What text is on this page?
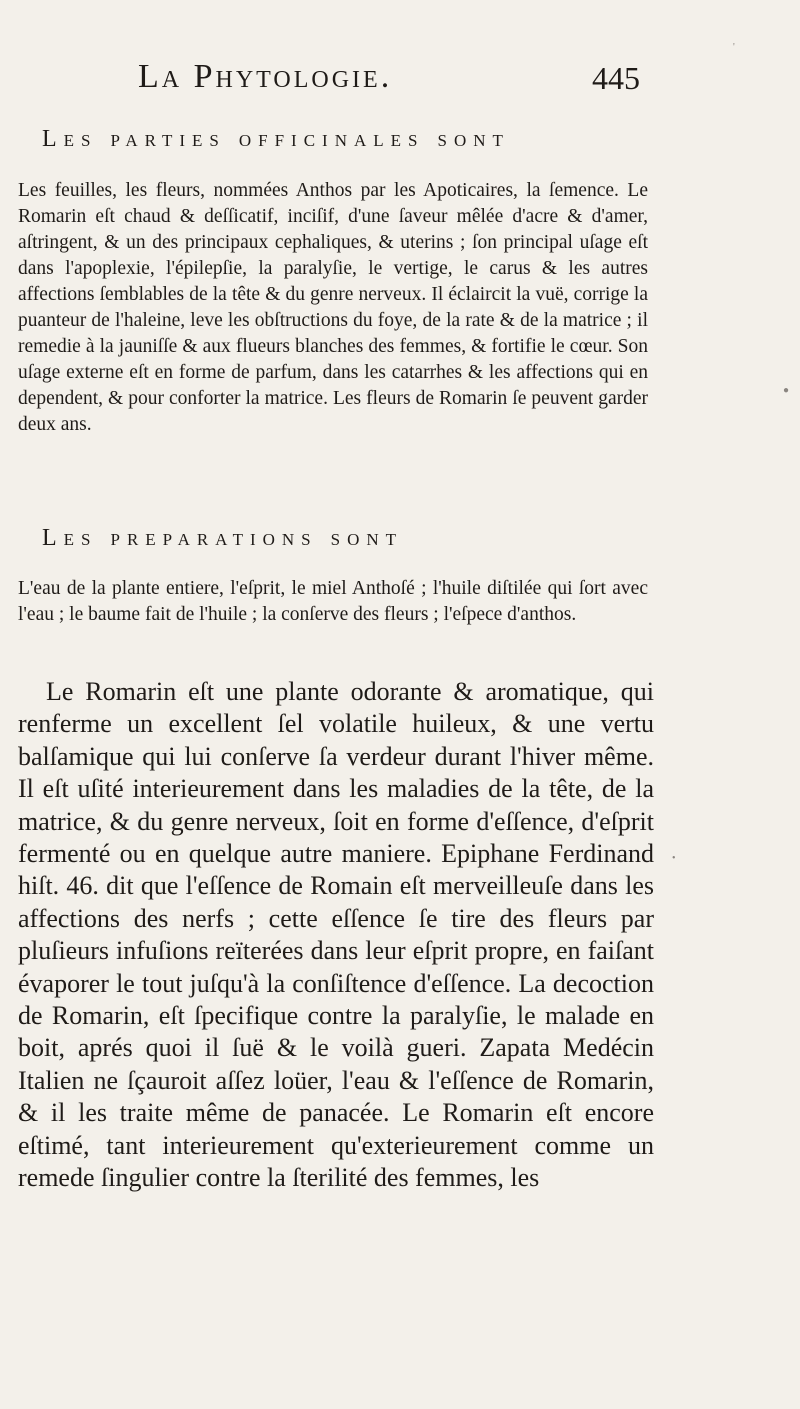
La Phytologie.	445
Les parties officinales sont

Les feuilles, les fleurs, nommées Anthos par les Apoticaires, la ſemence. Le Romarin eſt chaud & deſſicatif, inciſif, d'une ſaveur mêlée d'acre & d'amer, aſtringent, & un des principaux cephaliques, & uterins ; ſon principal uſage eſt dans l'apoplexie, l'épilepſie, la paralyſie, le vertige, le carus & les autres affections ſemblables de la tête & du genre nerveux. Il éclaircit la vuë, corrige la puanteur de l'haleine, leve les obſtructions du foye, de la rate & de la matrice ; il remedie à la jauniſſe & aux flueurs blanches des femmes, & fortifie le cœur. Son uſage externe eſt en forme de parfum, dans les catarrhes & les affections qui en dependent, & pour conforter la matrice. Les fleurs de Romarin ſe peuvent garder deux ans.

Les preparations sont

L'eau de la plante entiere, l'eſprit, le miel Anthoſé ; l'huile diſtilée qui ſort avec l'eau ; le baume fait de l'huile ; la conſerve des fleurs ; l'eſpece d'anthos.

Le Romarin eſt une plante odorante & aromatique, qui renferme un excellent ſel volatile huileux, & une vertu balſamique qui lui conſerve ſa verdeur durant l'hiver même. Il eſt uſité interieurement dans les maladies de la tête, de la matrice, & du genre nerveux, ſoit en forme d'eſſence, d'eſprit fermenté ou en quelque autre maniere. Epiphane Ferdinand hiſt. 46. dit que l'eſſence de Romain eſt merveilleuſe dans les affections des nerfs ; cette eſſence ſe tire des fleurs par pluſieurs infuſions reïterées dans leur eſprit propre, en faiſant évaporer le tout juſqu'à la conſiſtence d'eſſence. La decoction de Romarin, eſt ſpecifique contre la paralyſie, le malade en boit, aprés quoi il ſuë & le voilà gueri. Zapata Medécin Italien ne ſçauroit aſſez loüer, l'eau & l'eſſence de Romarin, & il les traite même de panacée. Le Romarin eſt encore eſtimé, tant interieurement qu'exterieurement comme un remede ſingulier contre la ſterilité des femmes, les

'
●
•
